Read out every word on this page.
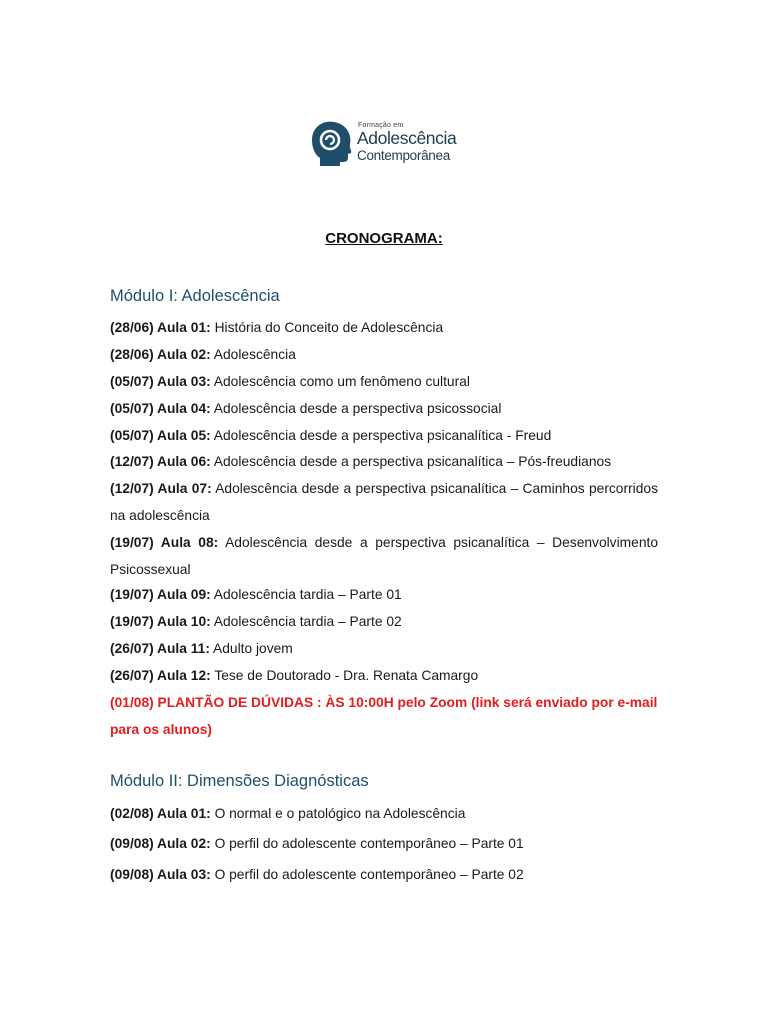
Formação em
Adolescência
Contemporânea
CRONOGRAMA:
Módulo I: Adolescência
(28/06) Aula 01: História do Conceito de Adolescência
(28/06) Aula 02: Adolescência
(05/07) Aula 03: Adolescência como um fenômeno cultural
(05/07) Aula 04: Adolescência desde a perspectiva psicossocial
(05/07) Aula 05: Adolescência desde a perspectiva psicanalítica - Freud
(12/07) Aula 06: Adolescência desde a perspectiva psicanalítica – Pós-freudianos
(12/07) Aula 07: Adolescência desde a perspectiva psicanalítica – Caminhos percorridos na adolescência
(19/07) Aula 08: Adolescência desde a perspectiva psicanalítica – Desenvolvimento Psicossexual
(19/07) Aula 09: Adolescência tardia – Parte 01
(19/07) Aula 10: Adolescência tardia – Parte 02
(26/07) Aula 11: Adulto jovem
(26/07) Aula 12: Tese de Doutorado - Dra. Renata Camargo
(01/08) PLANTÃO DE DÚVIDAS : ÀS 10:00H pelo Zoom (link será enviado por e-mail para os alunos)
Módulo II: Dimensões Diagnósticas
(02/08) Aula 01: O normal e o patológico na Adolescência
(09/08) Aula 02: O perfil do adolescente contemporâneo – Parte 01
(09/08) Aula 03: O perfil do adolescente contemporâneo – Parte 02
